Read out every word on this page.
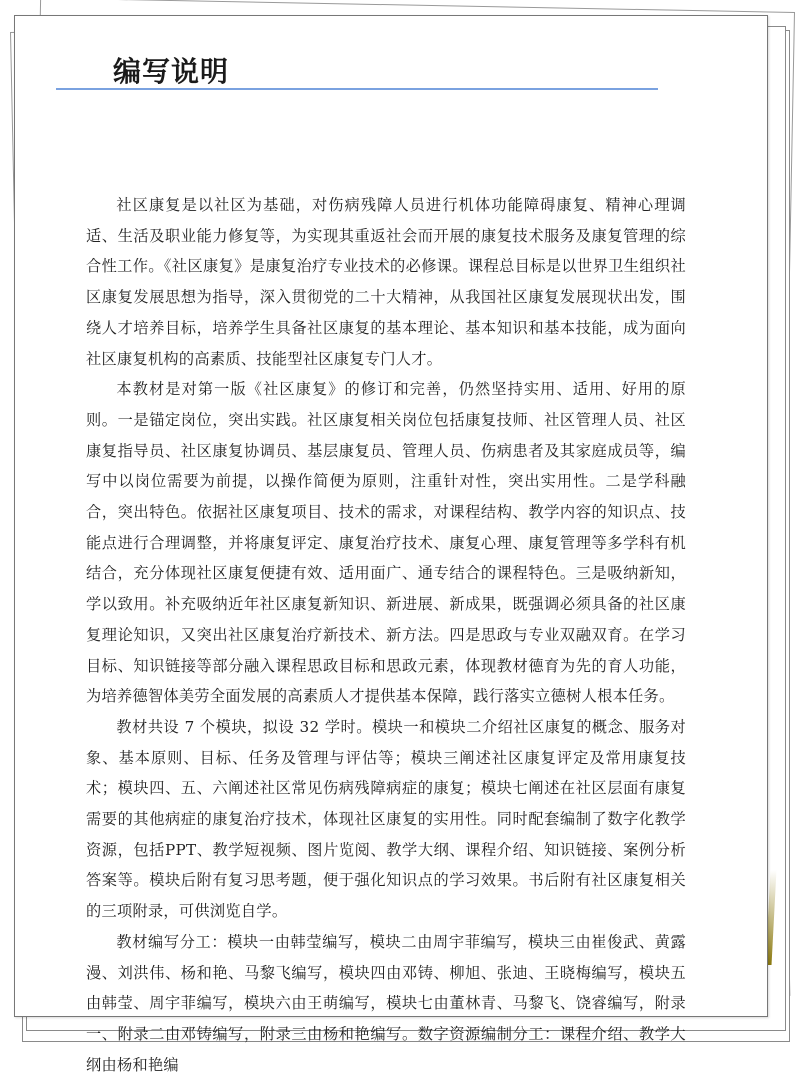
编写说明

社区康复是以社区为基础，对伤病残障人员进行机体功能障碍康复、精神心理调适、生活及职业能力修复等，为实现其重返社会而开展的康复技术服务及康复管理的综合性工作。《社区康复》是康复治疗专业技术的必修课。课程总目标是以世界卫生组织社区康复发展思想为指导，深入贯彻党的二十大精神，从我国社区康复发展现状出发，围绕人才培养目标，培养学生具备社区康复的基本理论、基本知识和基本技能，成为面向社区康复机构的高素质、技能型社区康复专门人才。

本教材是对第一版《社区康复》的修订和完善，仍然坚持实用、适用、好用的原则。一是锚定岗位，突出实践。社区康复相关岗位包括康复技师、社区管理人员、社区康复指导员、社区康复协调员、基层康复员、管理人员、伤病患者及其家庭成员等，编写中以岗位需要为前提，以操作简便为原则，注重针对性，突出实用性。二是学科融合，突出特色。依据社区康复项目、技术的需求，对课程结构、教学内容的知识点、技能点进行合理调整，并将康复评定、康复治疗技术、康复心理、康复管理等多学科有机结合，充分体现社区康复便捷有效、适用面广、通专结合的课程特色。三是吸纳新知，学以致用。补充吸纳近年社区康复新知识、新进展、新成果，既强调必须具备的社区康复理论知识，又突出社区康复治疗新技术、新方法。四是思政与专业双融双育。在学习目标、知识链接等部分融入课程思政目标和思政元素，体现教材德育为先的育人功能，为培养德智体美劳全面发展的高素质人才提供基本保障，践行落实立德树人根本任务。

教材共设 7 个模块，拟设 32 学时。模块一和模块二介绍社区康复的概念、服务对象、基本原则、目标、任务及管理与评估等；模块三阐述社区康复评定及常用康复技术；模块四、五、六阐述社区常见伤病残障病症的康复；模块七阐述在社区层面有康复需要的其他病症的康复治疗技术，体现社区康复的实用性。同时配套编制了数字化教学资源，包括PPT、教学短视频、图片览阅、教学大纲、课程介绍、知识链接、案例分析答案等。模块后附有复习思考题，便于强化知识点的学习效果。书后附有社区康复相关的三项附录，可供浏览自学。

教材编写分工：模块一由韩莹编写，模块二由周宇菲编写，模块三由崔俊武、黄露漫、刘洪伟、杨和艳、马黎飞编写，模块四由邓铸、柳旭、张迪、王晓梅编写，模块五由韩莹、周宇菲编写，模块六由王萌编写，模块七由董林青、马黎飞、饶睿编写，附录一、附录二由邓铸编写，附录三由杨和艳编写。数字资源编制分工：课程介绍、教学大纲由杨和艳编
